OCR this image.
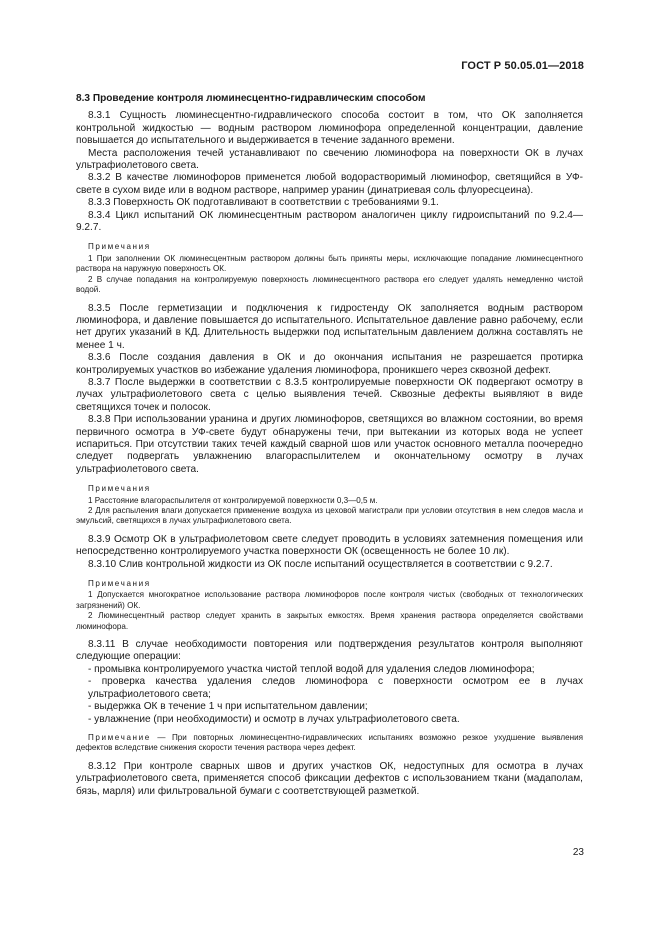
ГОСТ Р 50.05.01—2018
8.3 Проведение контроля люминесцентно-гидравлическим способом

8.3.1 Сущность люминесцентно-гидравлического способа состоит в том, что ОК заполняется контрольной жидкостью — водным раствором люминофора определенной концентрации, давление повышается до испытательного и выдерживается в течение заданного времени.

Места расположения течей устанавливают по свечению люминофора на поверхности ОК в лучах ультрафиолетового света.

8.3.2 В качестве люминофоров применется любой водорастворимый люминофор, светящийся в УФ-свете в сухом виде или в водном растворе, например уранин (динатриевая соль флуоресцеина).

8.3.3 Поверхность ОК подготавливают в соответствии с требованиями 9.1.

8.3.4 Цикл испытаний ОК люминесцентным раствором аналогичен циклу гидроиспытаний по 9.2.4—9.2.7.

Примечания

1 При заполнении ОК люминесцентным раствором должны быть приняты меры, исключающие попадание люминесцентного раствора на наружную поверхность ОК.

2 В случае попадания на контролируемую поверхность люминесцентного раствора его следует удалять немедленно чистой водой.

8.3.5 После герметизации и подключения к гидростенду ОК заполняется водным раствором люминофора, и давление повышается до испытательного. Испытательное давление равно рабочему, если нет других указаний в КД. Длительность выдержки под испытательным давлением должна составлять не менее 1 ч.

8.3.6 После создания давления в ОК и до окончания испытания не разрешается протирка контролируемых участков во избежание удаления люминофора, проникшего через сквозной дефект.

8.3.7 После выдержки в соответствии с 8.3.5 контролируемые поверхности ОК подвергают осмотру в лучах ультрафиолетового света с целью выявления течей. Сквозные дефекты выявляют в виде светящихся точек и полосок.

8.3.8 При использовании уранина и других люминофоров, светящихся во влажном состоянии, во время первичного осмотра в УФ-свете будут обнаружены течи, при вытекании из которых вода не успеет испариться. При отсутствии таких течей каждый сварной шов или участок основного металла поочередно следует подвергать увлажнению влагораспылителем и окончательному осмотру в лучах ультрафиолетового света.

Примечания

1 Расстояние влагораспылителя от контролируемой поверхности 0,3—0,5 м.

2 Для распыления влаги допускается применение воздуха из цеховой магистрали при условии отсутствия в нем следов масла и эмульсий, светящихся в лучах ультрафиолетового света.

8.3.9 Осмотр ОК в ультрафиолетовом свете следует проводить в условиях затемнения помещения или непосредственно контролируемого участка поверхности ОК (освещенность не более 10 лк).

8.3.10 Слив контрольной жидкости из ОК после испытаний осуществляется в соответствии с 9.2.7.

Примечания

1 Допускается многократное использование раствора люминофоров после контроля чистых (свободных от технологических загрязнений) ОК.

2 Люминесцентный раствор следует хранить в закрытых емкостях. Время хранения раствора определяется свойствами люминофора.

8.3.11 В случае необходимости повторения или подтверждения результатов контроля выполняют следующие операции:

- промывка контролируемого участка чистой теплой водой для удаления следов люминофора;
- проверка качества удаления следов люминофора с поверхности осмотром ее в лучах ультрафиолетового света;
- выдержка ОК в течение 1 ч при испытательном давлении;
- увлажнение (при необходимости) и осмотр в лучах ультрафиолетового света.
Примечание — При повторных люминесцентно-гидравлических испытаниях возможно резкое ухудшение выявления дефектов вследствие снижения скорости течения раствора через дефект.

8.3.12 При контроле сварных швов и других участков ОК, недоступных для осмотра в лучах ультрафиолетового света, применяется способ фиксации дефектов с использованием ткани (мадаполам, бязь, марля) или фильтровальной бумаги с соответствующей разметкой.

23
